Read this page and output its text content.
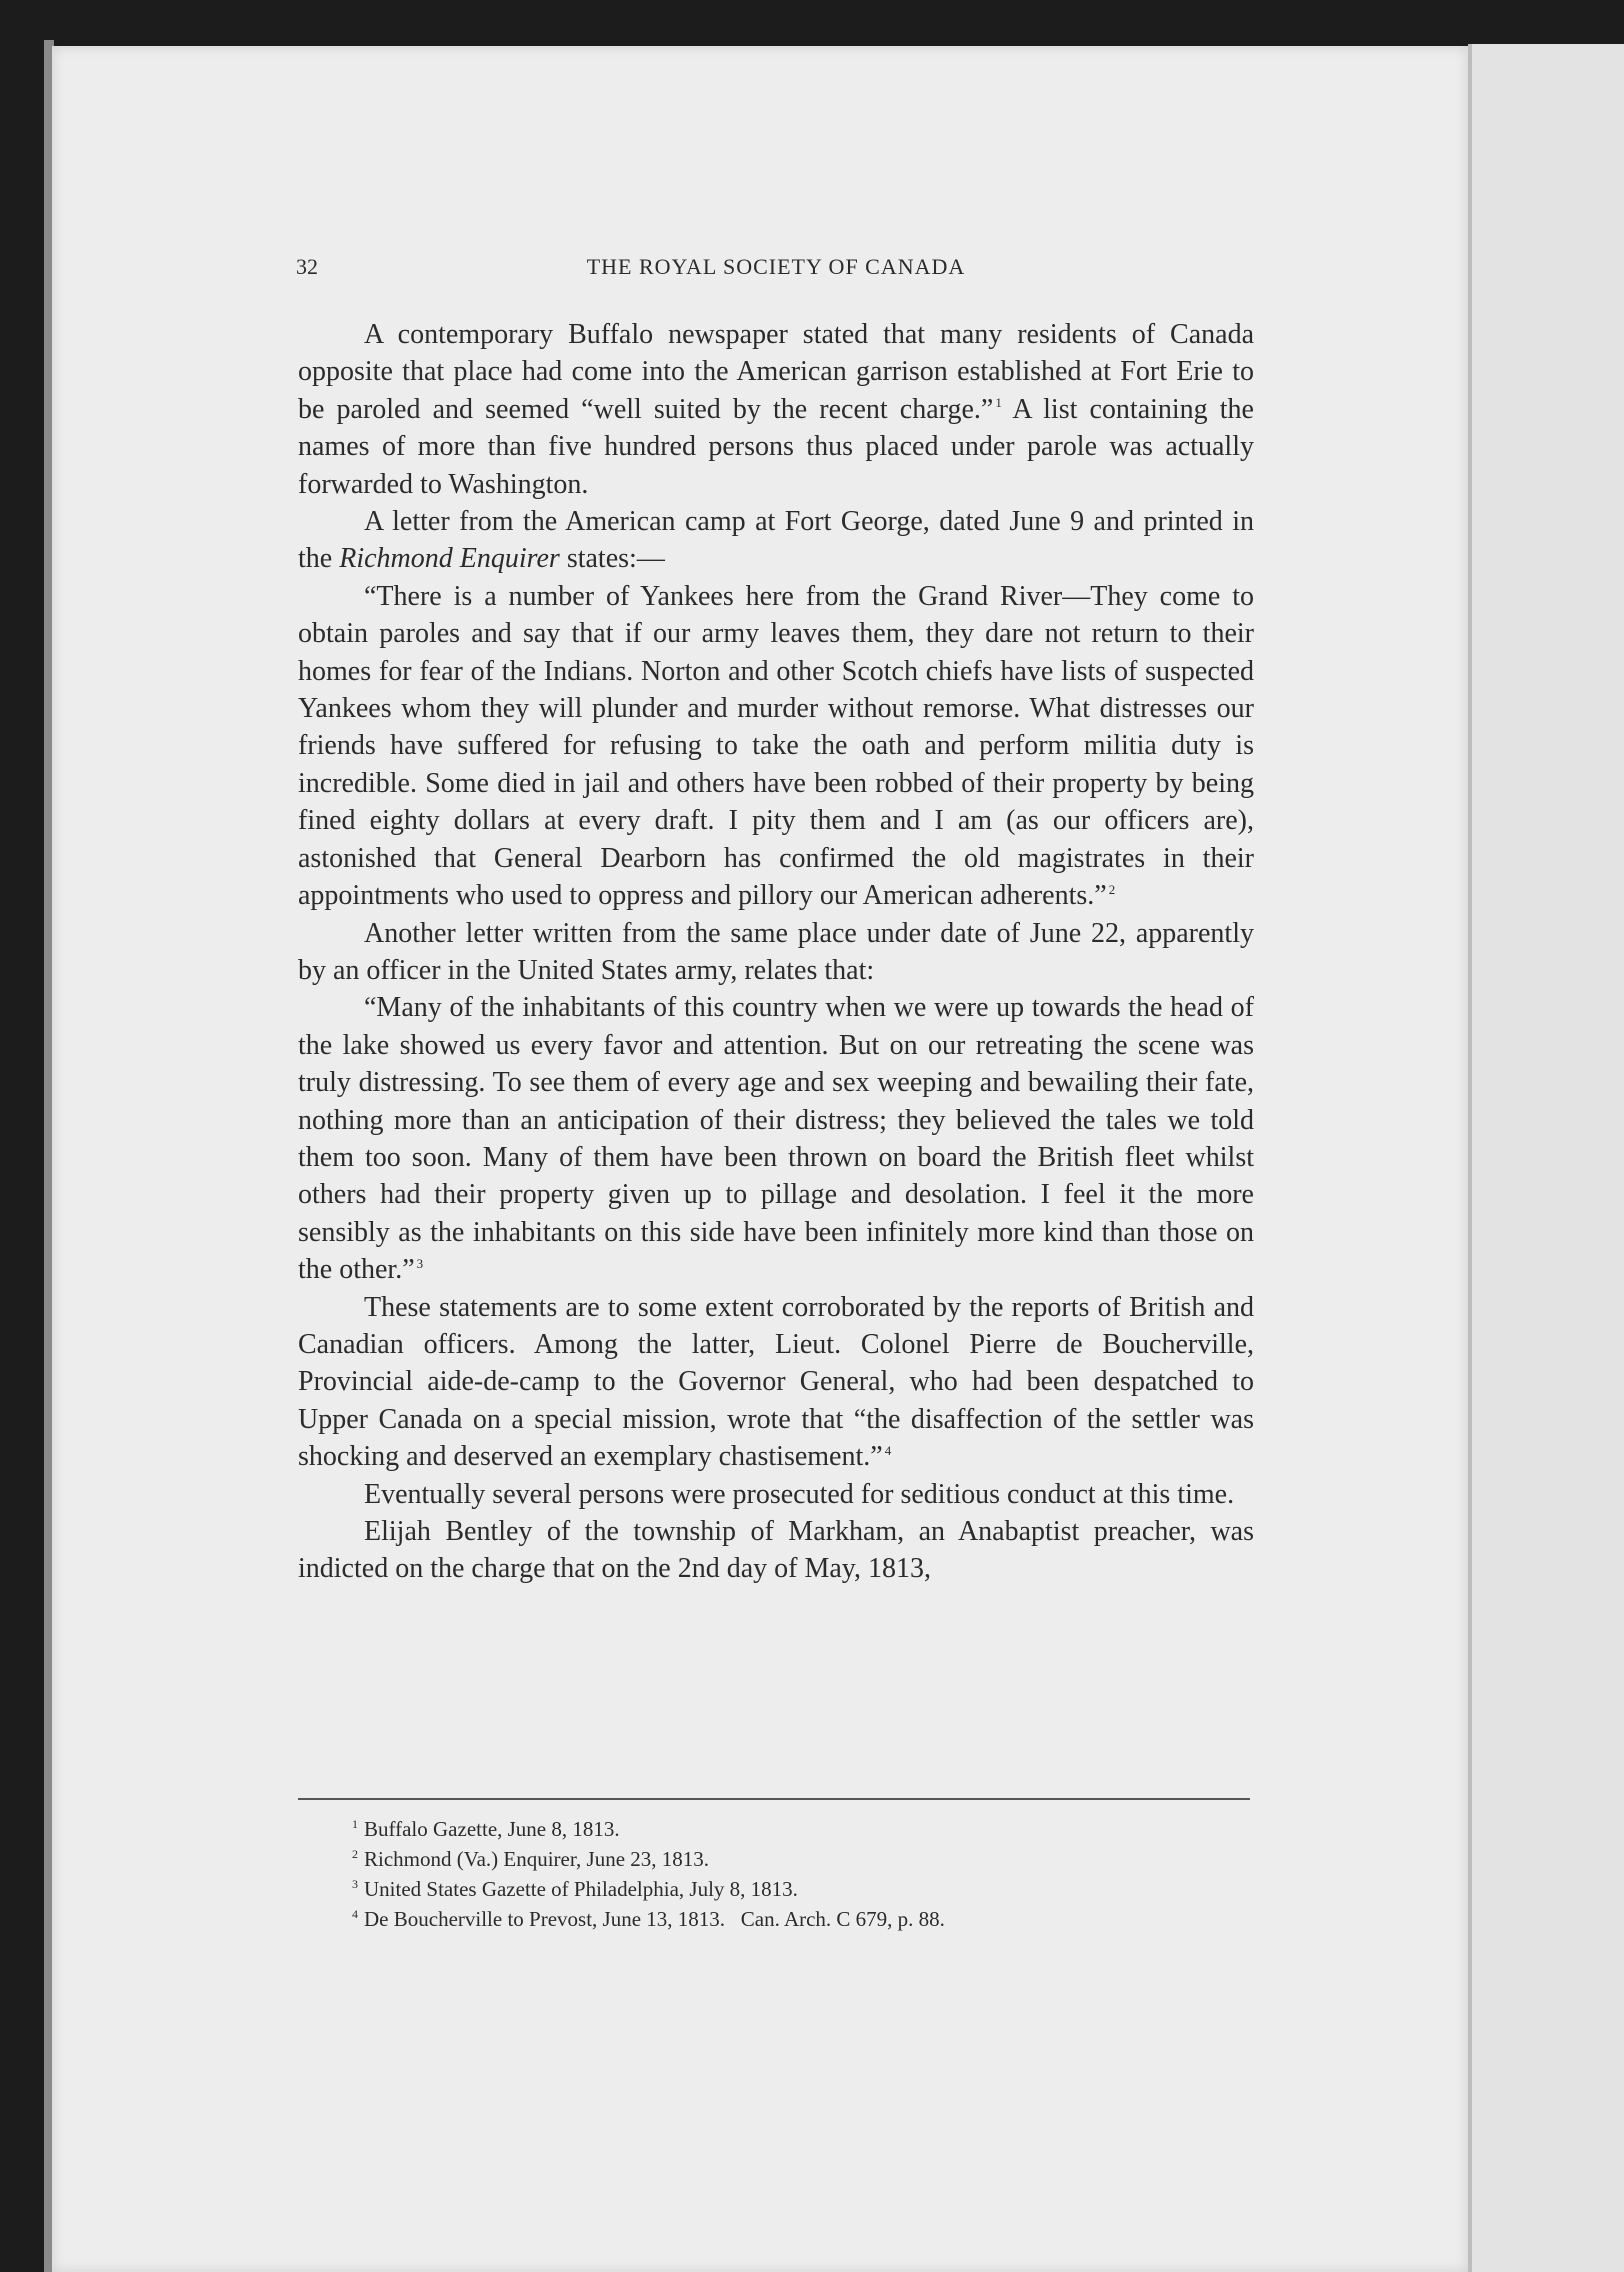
32	THE ROYAL SOCIETY OF CANADA

A contemporary Buffalo newspaper stated that many residents of Canada opposite that place had come into the American garrison established at Fort Erie to be paroled and seemed “well suited by the recent charge.” $^1$ A list containing the names of more than five hundred persons thus placed under parole was actually forwarded to Washington.

A letter from the American camp at Fort George, dated June 9 and printed in the Richmond Enquirer states:—

“There is a number of Yankees here from the Grand River—They come to obtain paroles and say that if our army leaves them, they dare not return to their homes for fear of the Indians. Norton and other Scotch chiefs have lists of suspected Yankees whom they will plunder and murder without remorse. What distresses our friends have suffered for refusing to take the oath and perform militia duty is incredible. Some died in jail and others have been robbed of their property by being fined eighty dollars at every draft. I pity them and I am (as our officers are), astonished that General Dearborn has confirmed the old magistrates in their appointments who used to oppress and pillory our American adherents.” $^2$

Another letter written from the same place under date of June 22, apparently by an officer in the United States army, relates that:

“Many of the inhabitants of this country when we were up towards the head of the lake showed us every favor and attention. But on our retreating the scene was truly distressing. To see them of every age and sex weeping and bewailing their fate, nothing more than an anticipation of their distress; they believed the tales we told them too soon. Many of them have been thrown on board the British fleet whilst others had their property given up to pillage and desolation. I feel it the more sensibly as the inhabitants on this side have been infinitely more kind than those on the other.” $^3$

These statements are to some extent corroborated by the reports of British and Canadian officers. Among the latter, Lieut. Colonel Pierre de Boucherville, Provincial aide-de-camp to the Governor General, who had been despatched to Upper Canada on a special mission, wrote that “the disaffection of the settler was shocking and deserved an exemplary chastisement.” $^4$

Eventually several persons were prosecuted for seditious conduct at this time.

Elijah Bentley of the township of Markham, an Anabaptist preacher, was indicted on the charge that on the 2nd day of May, 1813,

1 Buffalo Gazette, June 8, 1813.
2 Richmond (Va.) Enquirer, June 23, 1813.
3 United States Gazette of Philadelphia, July 8, 1813.
4 De Boucherville to Prevost, June 13, 1813.   Can. Arch. C 679, p. 88.
